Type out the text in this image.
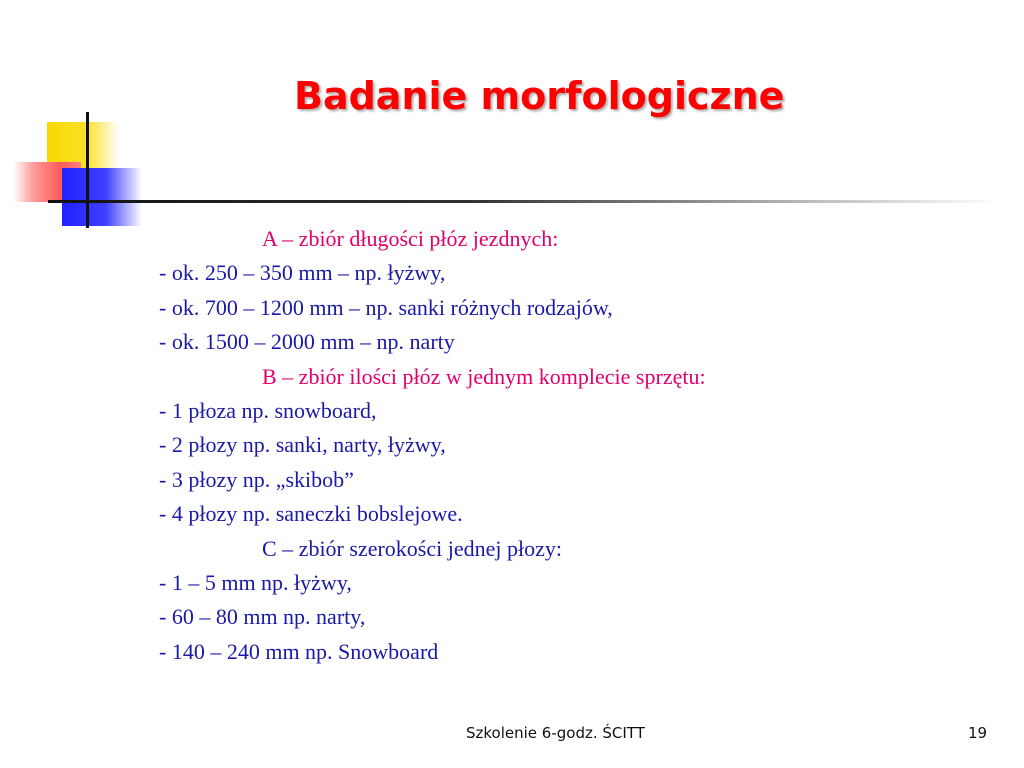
Badanie morfologiczne
A – zbiór długości płóz jezdnych:
- ok. 250 – 350 mm – np. łyżwy,
- ok. 700 – 1200 mm – np. sanki różnych rodzajów,
- ok. 1500 – 2000 mm – np. narty
B – zbiór ilości płóz w jednym komplecie sprzętu:
- 1 płoza np. snowboard,
- 2 płozy np. sanki, narty, łyżwy,
- 3 płozy np. „skibob”
- 4 płozy np. saneczki bobslejowe.
C – zbiór szerokości jednej płozy:
- 1 – 5 mm np. łyżwy,
- 60 – 80 mm np. narty,
- 140 – 240 mm np. Snowboard
Szkolenie 6-godz. ŚCITT	19
